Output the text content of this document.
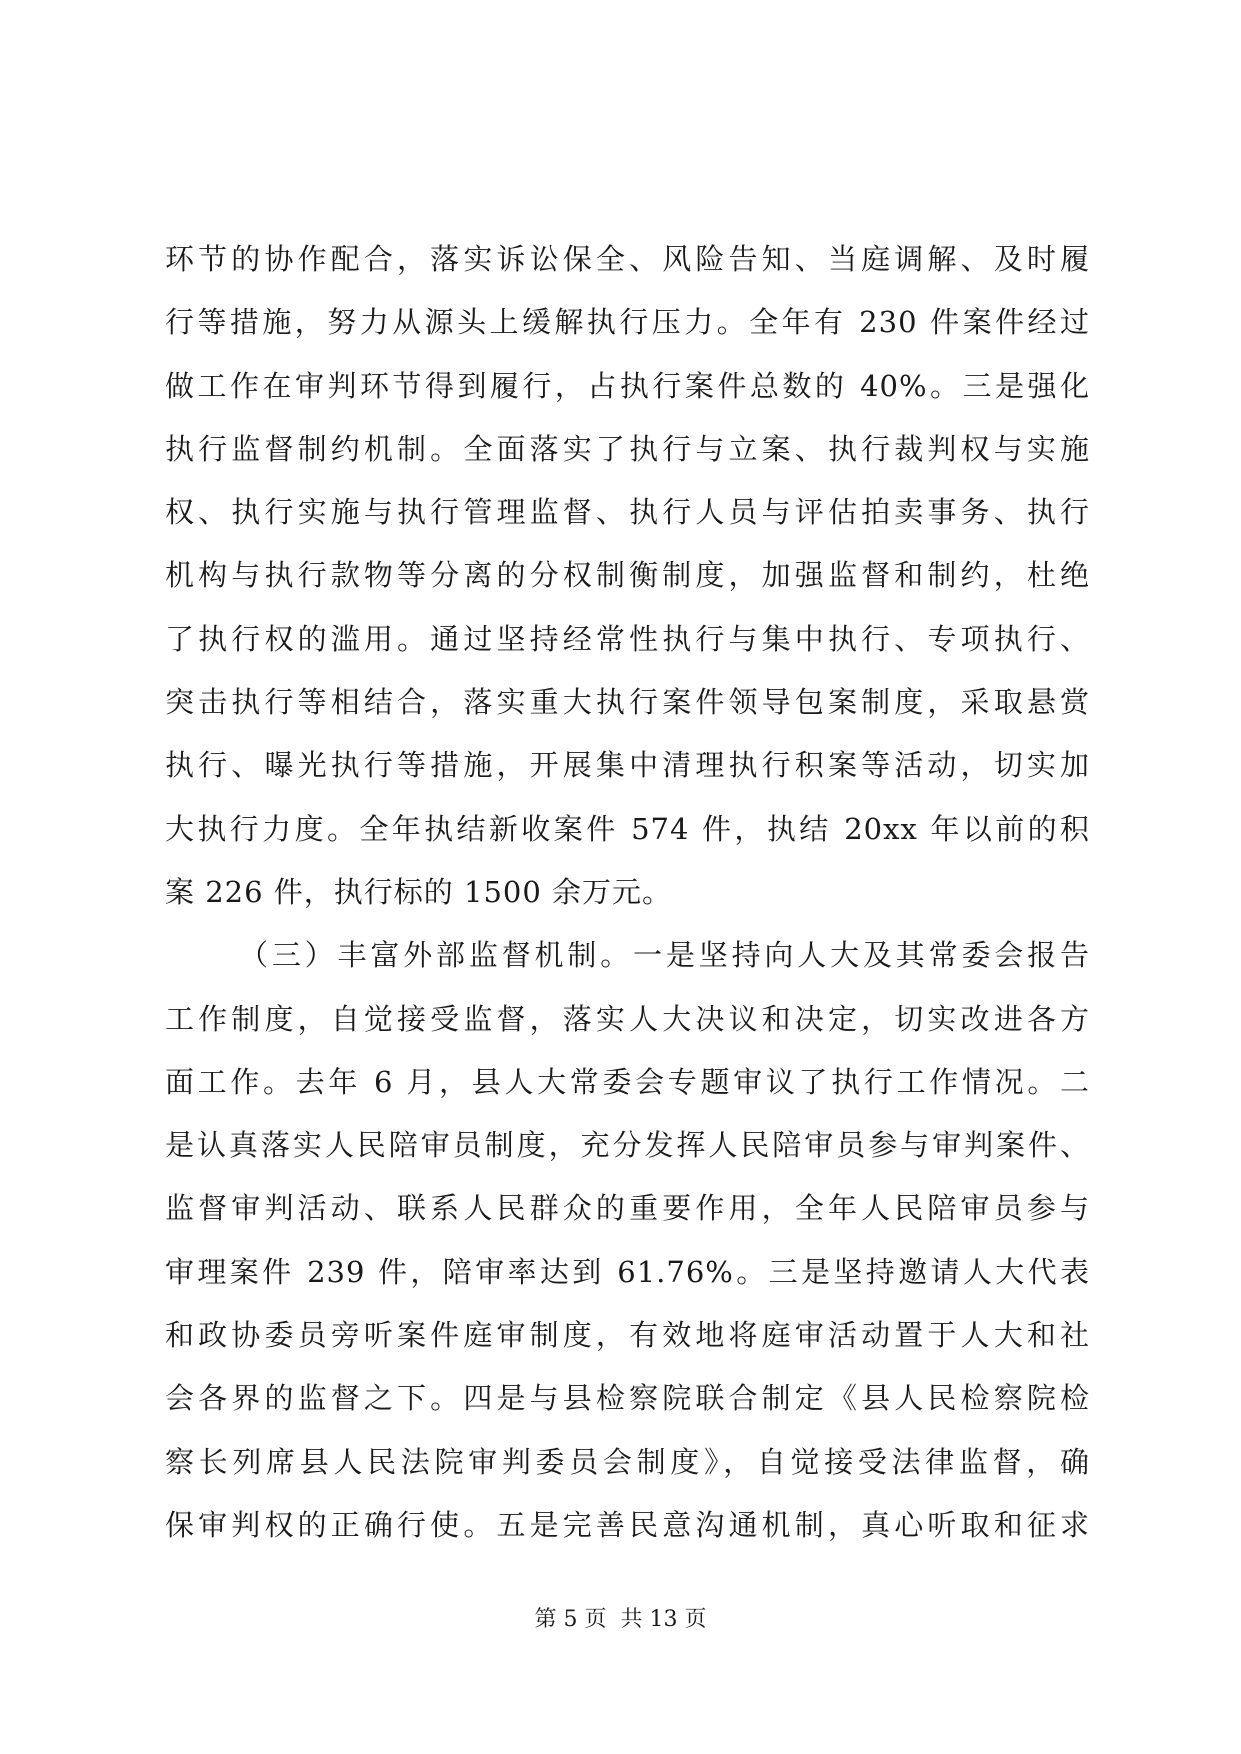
环节的协作配合，落实诉讼保全、风险告知、当庭调解、及时履
行等措施，努力从源头上缓解执行压力。全年有 230 件案件经过
做工作在审判环节得到履行，占执行案件总数的 40%。三是强化
执行监督制约机制。全面落实了执行与立案、执行裁判权与实施
权、执行实施与执行管理监督、执行人员与评估拍卖事务、执行
机构与执行款物等分离的分权制衡制度，加强监督和制约，杜绝
了执行权的滥用。通过坚持经常性执行与集中执行、专项执行、
突击执行等相结合，落实重大执行案件领导包案制度，采取悬赏
执行、曝光执行等措施，开展集中清理执行积案等活动，切实加
大执行力度。全年执结新收案件 574 件，执结 20xx 年以前的积
案 226 件，执行标的 1500 余万元。
（三）丰富外部监督机制。一是坚持向人大及其常委会报告
工作制度，自觉接受监督，落实人大决议和决定，切实改进各方
面工作。去年 6 月，县人大常委会专题审议了执行工作情况。二
是认真落实人民陪审员制度，充分发挥人民陪审员参与审判案件、
监督审判活动、联系人民群众的重要作用，全年人民陪审员参与
审理案件 239 件，陪审率达到 61.76%。三是坚持邀请人大代表
和政协委员旁听案件庭审制度，有效地将庭审活动置于人大和社
会各界的监督之下。四是与县检察院联合制定《县人民检察院检
察长列席县人民法院审判委员会制度》，自觉接受法律监督，确
保审判权的正确行使。五是完善民意沟通机制，真心听取和征求
第 5 页  共 13 页
